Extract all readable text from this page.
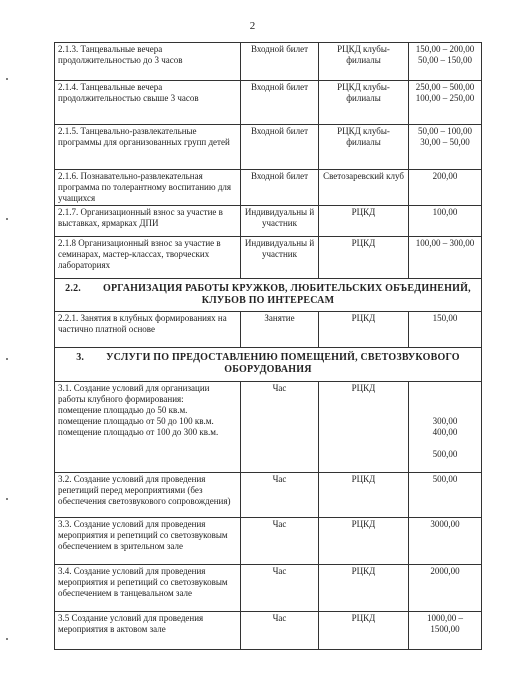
2
2.1.3. Танцевальные вечера продолжительностью до 3 часов	Входной билет	РЦКД клубы-филиалы	150,00 – 200,00
50,00 – 150,00

2.1.4. Танцевальные вечера продолжительностью свыше 3 часов	Входной билет	РЦКД клубы-филиалы	250,00 – 500,00
100,00 – 250,00

2.1.5. Танцевально-развлекательные программы для организованных групп детей	Входной билет	РЦКД клубы-филиалы	50,00 – 100,00
30,00 – 50,00

2.1.6. Познавательно-развлекательная программа по толерантному воспитанию для учащихся	Входной билет	Светозаревский клуб	200,00
2.1.7. Организационный взнос за участие в выставках, ярмарках ДПИ	Индивидуальны й участник	РЦКД	100,00
2.1.8 Организационный взнос за участие в семинарах, мастер-классах, творческих лабораториях	Индивидуальны й участник	РЦКД	100,00 – 300,00
2.2. ОРГАНИЗАЦИЯ РАБОТЫ КРУЖКОВ, ЛЮБИТЕЛЬСКИХ ОБЪЕДИНЕНИЙ, КЛУБОВ ПО ИНТЕРЕСАМ			
2.2.1. Занятия в клубных формированиях на частично платной основе	Занятие	РЦКД	150,00
3. УСЛУГИ ПО ПРЕДОСТАВЛЕНИЮ ПОМЕЩЕНИЙ, СВЕТОЗВУКОВОГО ОБОРУДОВАНИЯ			

3.1. Создание условий для организации работы клубного формирования:
помещение площадью до 50 кв.м.
помещение площадью от 50 до 100 кв.м.
помещение площадью от 100 до 300 кв.м.	Час	РЦКД	300,00
400,00
500,00

3.2. Создание условий для проведения репетиций перед мероприятиями (без обеспечения светозвукового сопровождения)	Час	РЦКД	500,00
3.3. Создание условий для проведения мероприятия и репетиций со светозвуковым обеспечением в зрительном зале	Час	РЦКД	3000,00
3.4. Создание условий для проведения мероприятия и репетиций со светозвуковым обеспечением в танцевальном зале	Час	РЦКД	2000,00
3.5 Создание условий для проведения мероприятия в актовом зале	Час	РЦКД	1000,00 –
1500,00
